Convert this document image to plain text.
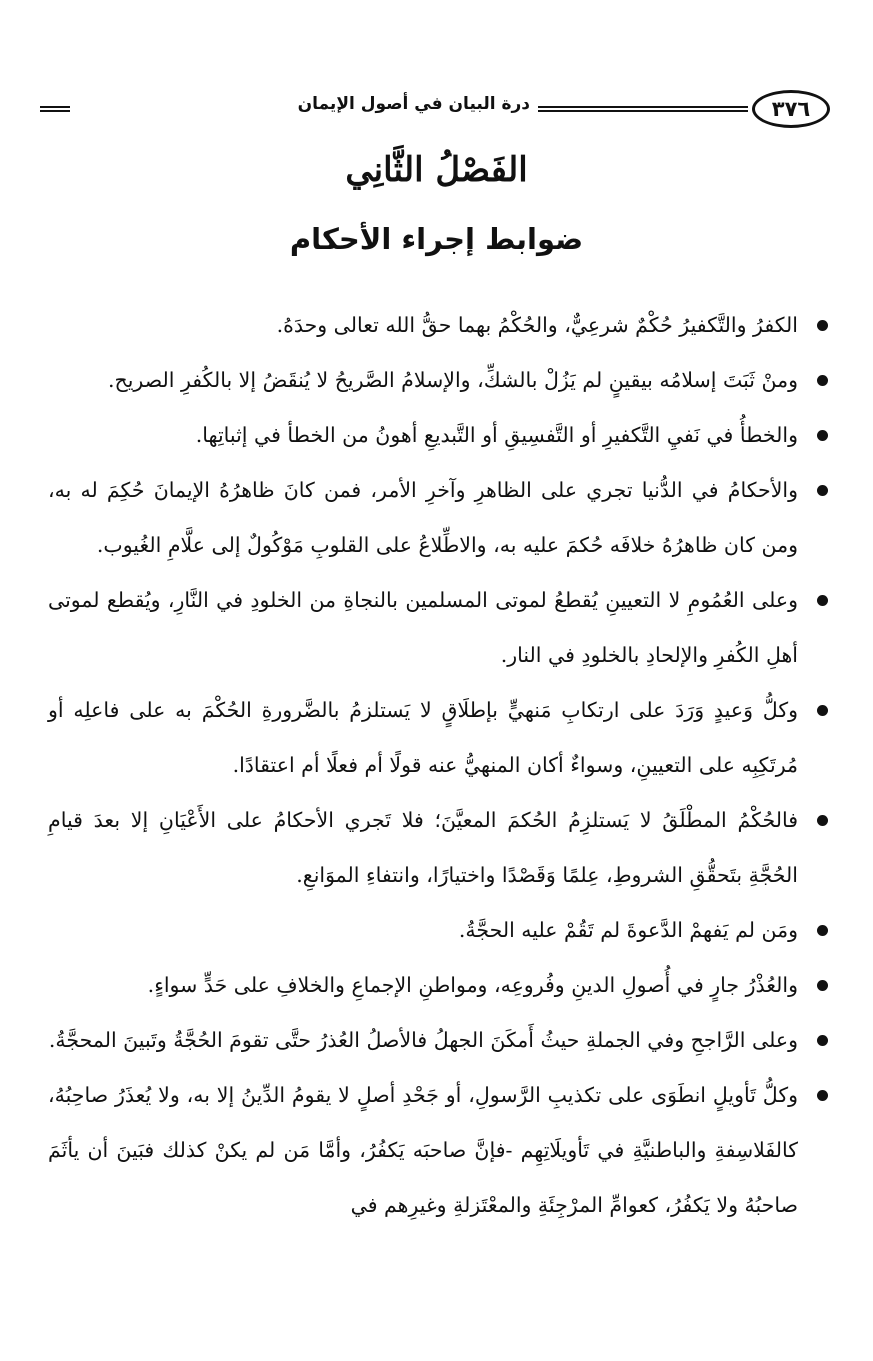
٣٧٦
درة البيان في أصول الإيمان
الفَصْلُ الثَّانِي
ضوابط إجراء الأحكام
الكفرُ والتَّكفيرُ حُكْمٌ شرعِيٌّ، والحُكْمُ بهما حقُّ الله تعالى وحدَهُ.
ومنْ ثَبَتَ إسلامُه بيقينٍ لم يَزُلْ بالشكِّ، والإسلامُ الصَّريحُ لا يُنقَضُ إلا بالكُفرِ الصريح.
والخطأُ في نَفيِ التَّكفيرِ أو التَّفسِيقِ أو التَّبديعِ أهونُ من الخطأ في إثباتِها.
والأحكامُ في الدُّنيا تجري على الظاهرِ وآخرِ الأمر، فمن كانَ ظاهرُهُ الإيمانَ حُكِمَ له به، ومن كان ظاهرُهُ خلافَه حُكمَ عليه به، والاطِّلاعُ على القلوبِ مَوْكُولٌ إلى علَّامِ الغُيوب.
وعلى العُمُومِ لا التعيينِ يُقطعُ لموتى المسلمين بالنجاةِ من الخلودِ في النَّارِ، ويُقطع لموتى أهلِ الكُفرِ والإلحادِ بالخلودِ في النار.
وكلُّ وَعيدٍ وَرَدَ على ارتكابِ مَنهيٍّ بإطلَاقٍ لا يَستلزمُ بالضَّرورةِ الحُكْمَ به على فاعلِه أو مُرتَكِبِه على التعيينِ، وسواءٌ أكان المنهيُّ عنه قولًا أم فعلًا أم اعتقادًا.
فالحُكْمُ المطْلَقُ لا يَستلزِمُ الحُكمَ المعيَّنَ؛ فلا تَجري الأحكامُ على الأَعْيَانِ إلا بعدَ قيامِ الحُجَّةِ بتَحقُّقِ الشروطِ، عِلمًا وَقَصْدًا واختيارًا، وانتفاءِ الموَانعِ.
ومَن لم يَفهمْ الدَّعوةَ لم تَقُمْ عليه الحجَّةُ.
والعُذْرُ جارٍ في أُصولِ الدينِ وفُروعِه، ومواطنِ الإجماعِ والخلافِ على حَدٍّ سواءٍ.
وعلى الرَّاجحِ وفي الجملةِ حيثُ أَمكَنَ الجهلُ فالأصلُ العُذرُ حتَّى تقومَ الحُجَّةُ وتَبينَ المحجَّةُ.
وكلُّ تَأويلٍ انطَوَى على تكذيبِ الرَّسولِ، أو جَحْدِ أصلٍ لا يقومُ الدِّينُ إلا به، ولا يُعذَرُ صاحِبُهُ، كالفَلاسِفةِ والباطنيَّةِ في تَأويلَاتِهِم -فإنَّ صاحبَه يَكفُرُ، وأمَّا مَن لم يكنْ كذلك فبَينَ أن يأثَمَ صاحبُهُ ولا يَكفُرُ، كعوامِّ المرْجِئَةِ والمعْتَزلةِ وغيرِهم في
